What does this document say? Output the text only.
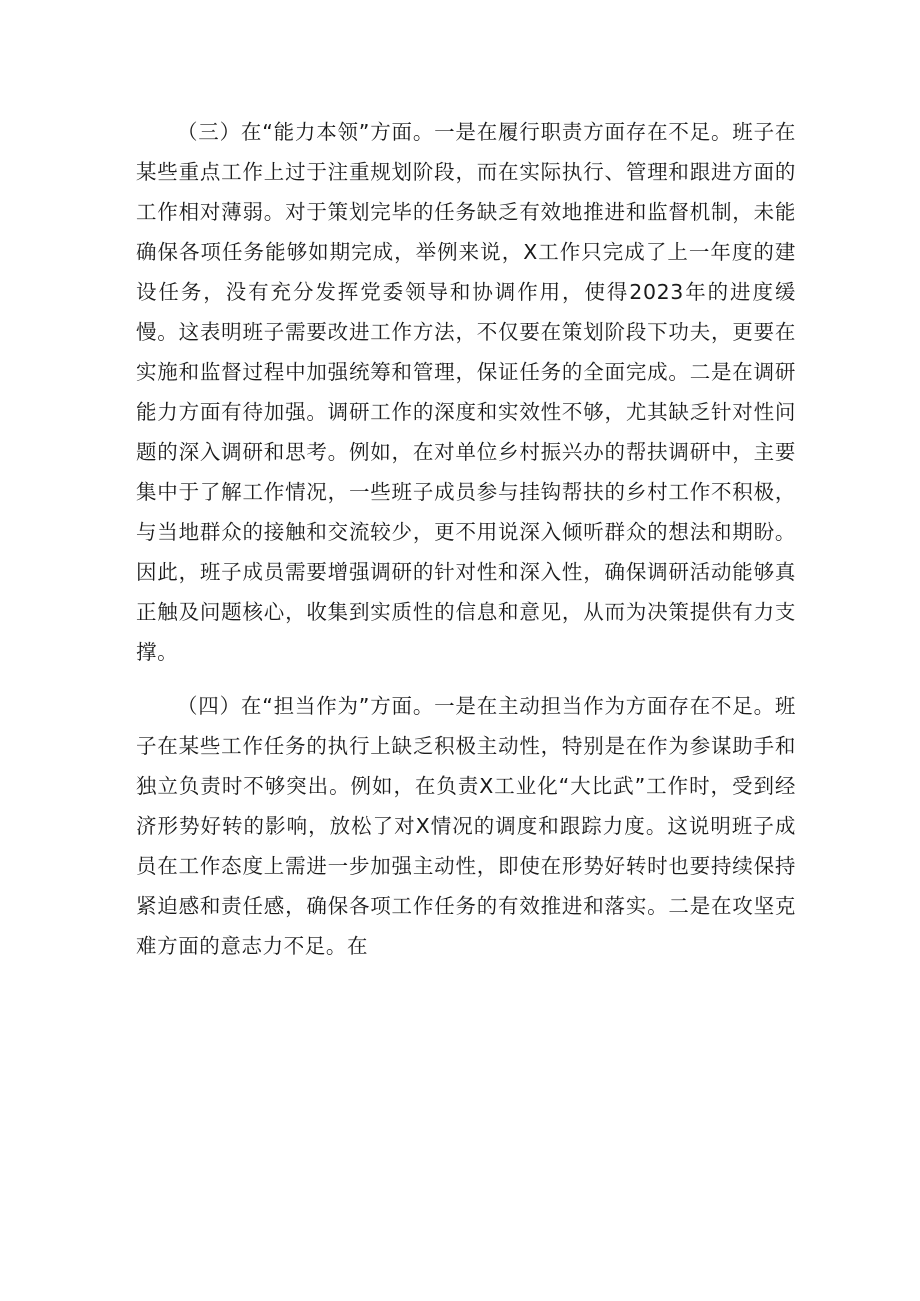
（三）在“能力本领”方面。一是在履行职责方面存在不足。班子在某些重点工作上过于注重规划阶段，而在实际执行、管理和跟进方面的工作相对薄弱。对于策划完毕的任务缺乏有效地推进和监督机制，未能确保各项任务能够如期完成，举例来说，X工作只完成了上一年度的建设任务，没有充分发挥党委领导和协调作用，使得2023年的进度缓慢。这表明班子需要改进工作方法，不仅要在策划阶段下功夫，更要在实施和监督过程中加强统筹和管理，保证任务的全面完成。二是在调研能力方面有待加强。调研工作的深度和实效性不够，尤其缺乏针对性问题的深入调研和思考。例如，在对单位乡村振兴办的帮扶调研中，主要集中于了解工作情况，一些班子成员参与挂钩帮扶的乡村工作不积极，与当地群众的接触和交流较少，更不用说深入倾听群众的想法和期盼。因此，班子成员需要增强调研的针对性和深入性，确保调研活动能够真正触及问题核心，收集到实质性的信息和意见，从而为决策提供有力支撑。

（四）在“担当作为”方面。一是在主动担当作为方面存在不足。班子在某些工作任务的执行上缺乏积极主动性，特别是在作为参谋助手和独立负责时不够突出。例如，在负责X工业化“大比武”工作时，受到经济形势好转的影响，放松了对X情况的调度和跟踪力度。这说明班子成员在工作态度上需进一步加强主动性，即使在形势好转时也要持续保持紧迫感和责任感，确保各项工作任务的有效推进和落实。二是在攻坚克难方面的意志力不足。在
